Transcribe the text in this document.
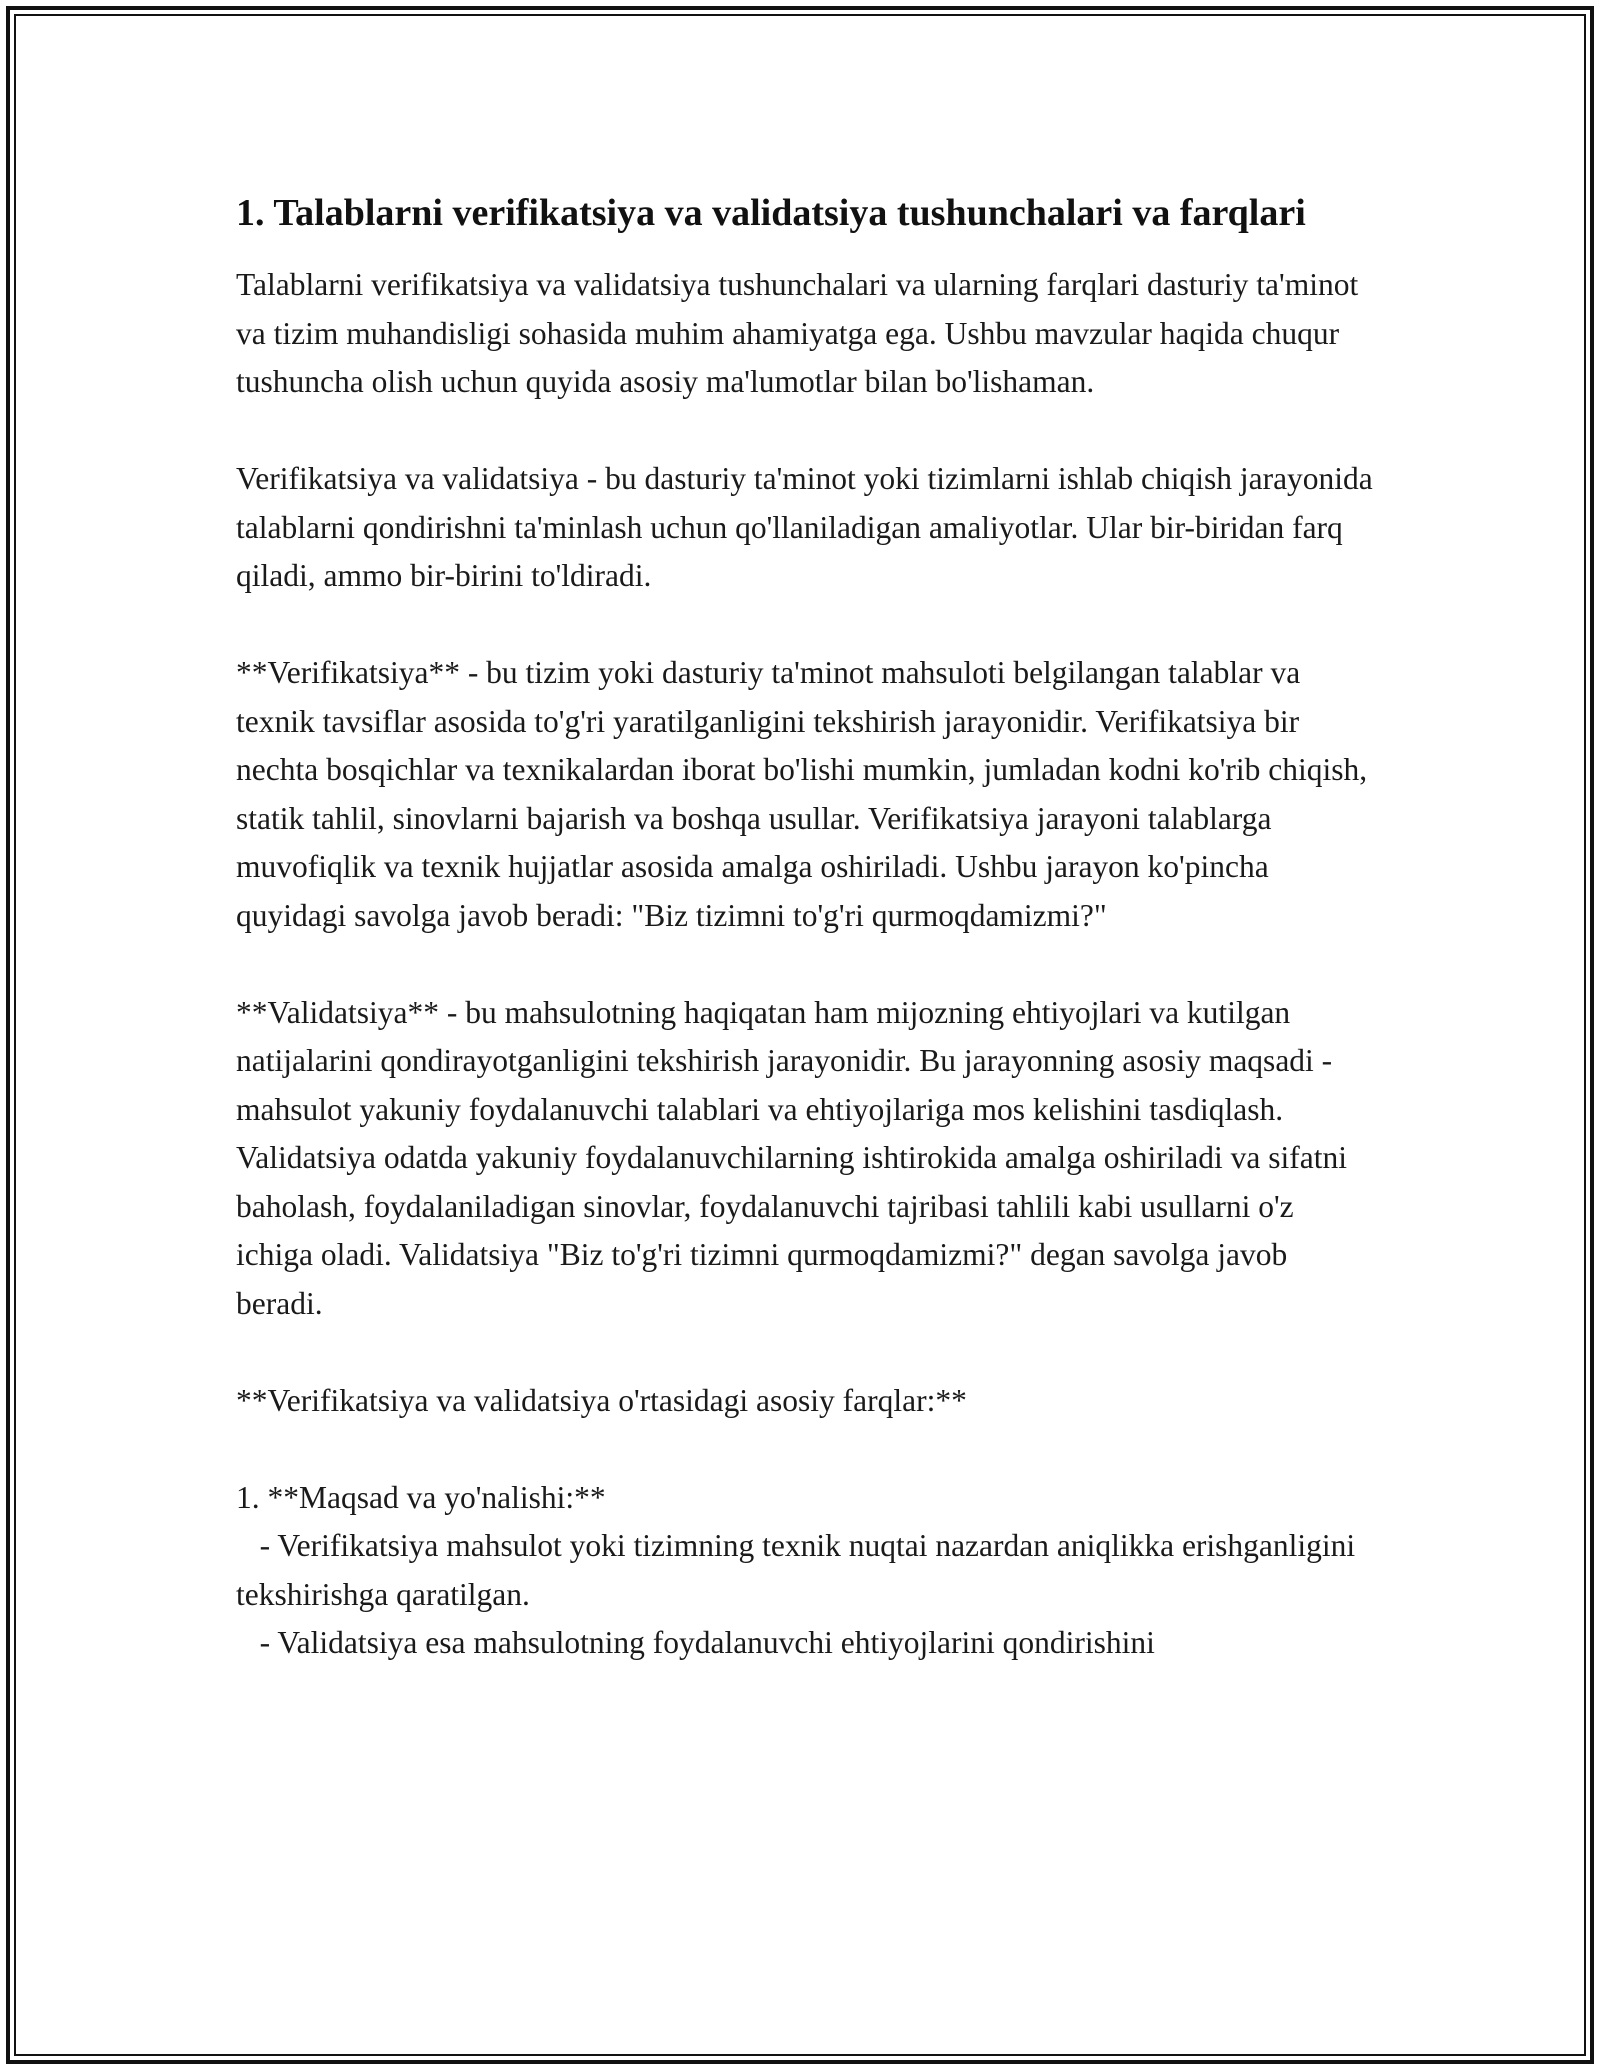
1. Talablarni verifikatsiya va validatsiya tushunchalari va farqlari

Talablarni verifikatsiya va validatsiya tushunchalari va ularning farqlari dasturiy ta'minot va tizim muhandisligi sohasida muhim ahamiyatga ega. Ushbu mavzular haqida chuqur tushuncha olish uchun quyida asosiy ma'lumotlar bilan bo'lishaman.

Verifikatsiya va validatsiya - bu dasturiy ta'minot yoki tizimlarni ishlab chiqish jarayonida talablarni qondirishni ta'minlash uchun qo'llaniladigan amaliyotlar. Ular bir-biridan farq qiladi, ammo bir-birini to'ldiradi.

**Verifikatsiya** - bu tizim yoki dasturiy ta'minot mahsuloti belgilangan talablar va texnik tavsiflar asosida to'g'ri yaratilganligini tekshirish jarayonidir. Verifikatsiya bir nechta bosqichlar va texnikalardan iborat bo'lishi mumkin, jumladan kodni ko'rib chiqish, statik tahlil, sinovlarni bajarish va boshqa usullar. Verifikatsiya jarayoni talablarga muvofiqlik va texnik hujjatlar asosida amalga oshiriladi. Ushbu jarayon ko'pincha quyidagi savolga javob beradi: "Biz tizimni to'g'ri qurmoqdamizmi?"

**Validatsiya** - bu mahsulotning haqiqatan ham mijozning ehtiyojlari va kutilgan natijalarini qondirayotganligini tekshirish jarayonidir. Bu jarayonning asosiy maqsadi - mahsulot yakuniy foydalanuvchi talablari va ehtiyojlariga mos kelishini tasdiqlash. Validatsiya odatda yakuniy foydalanuvchilarning ishtirokida amalga oshiriladi va sifatni baholash, foydalaniladigan sinovlar, foydalanuvchi tajribasi tahlili kabi usullarni o'z ichiga oladi. Validatsiya "Biz to'g'ri tizimni qurmoqdamizmi?" degan savolga javob beradi.

**Verifikatsiya va validatsiya o'rtasidagi asosiy farqlar:**

1. **Maqsad va yo'nalishi:**

- Verifikatsiya mahsulot yoki tizimning texnik nuqtai nazardan aniqlikka erishganligini tekshirishga qaratilgan.

- Validatsiya esa mahsulotning foydalanuvchi ehtiyojlarini qondirishini
